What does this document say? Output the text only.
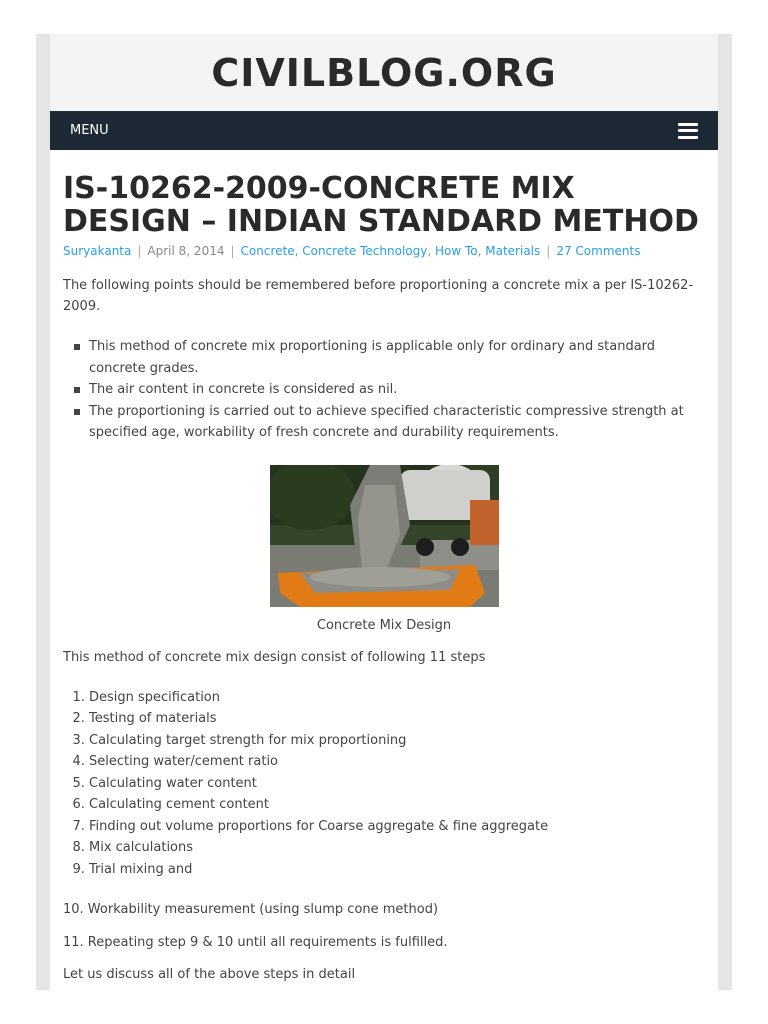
CIVILBLOG.ORG
MENU
IS-10262-2009-CONCRETE MIX DESIGN – INDIAN STANDARD METHOD
Suryakanta | April 8, 2014 | Concrete, Concrete Technology, How To, Materials | 27 Comments

The following points should be remembered before proportioning a concrete mix a per IS-10262-2009.

This method of concrete mix proportioning is applicable only for ordinary and standard concrete grades.
The air content in concrete is considered as nil.
The proportioning is carried out to achieve specified characteristic compressive strength at specified age, workability of fresh concrete and durability requirements.
Concrete Mix Design

This method of concrete mix design consist of following 11 steps

1. Design specification
2. Testing of materials
3. Calculating target strength for mix proportioning
4. Selecting water/cement ratio
5. Calculating water content
6. Calculating cement content
7. Finding out volume proportions for Coarse aggregate & fine aggregate
8. Mix calculations
9. Trial mixing and

10. Workability measurement (using slump cone method)

11. Repeating step 9 & 10 until all requirements is fulfilled.

Let us discuss all of the above steps in detail
